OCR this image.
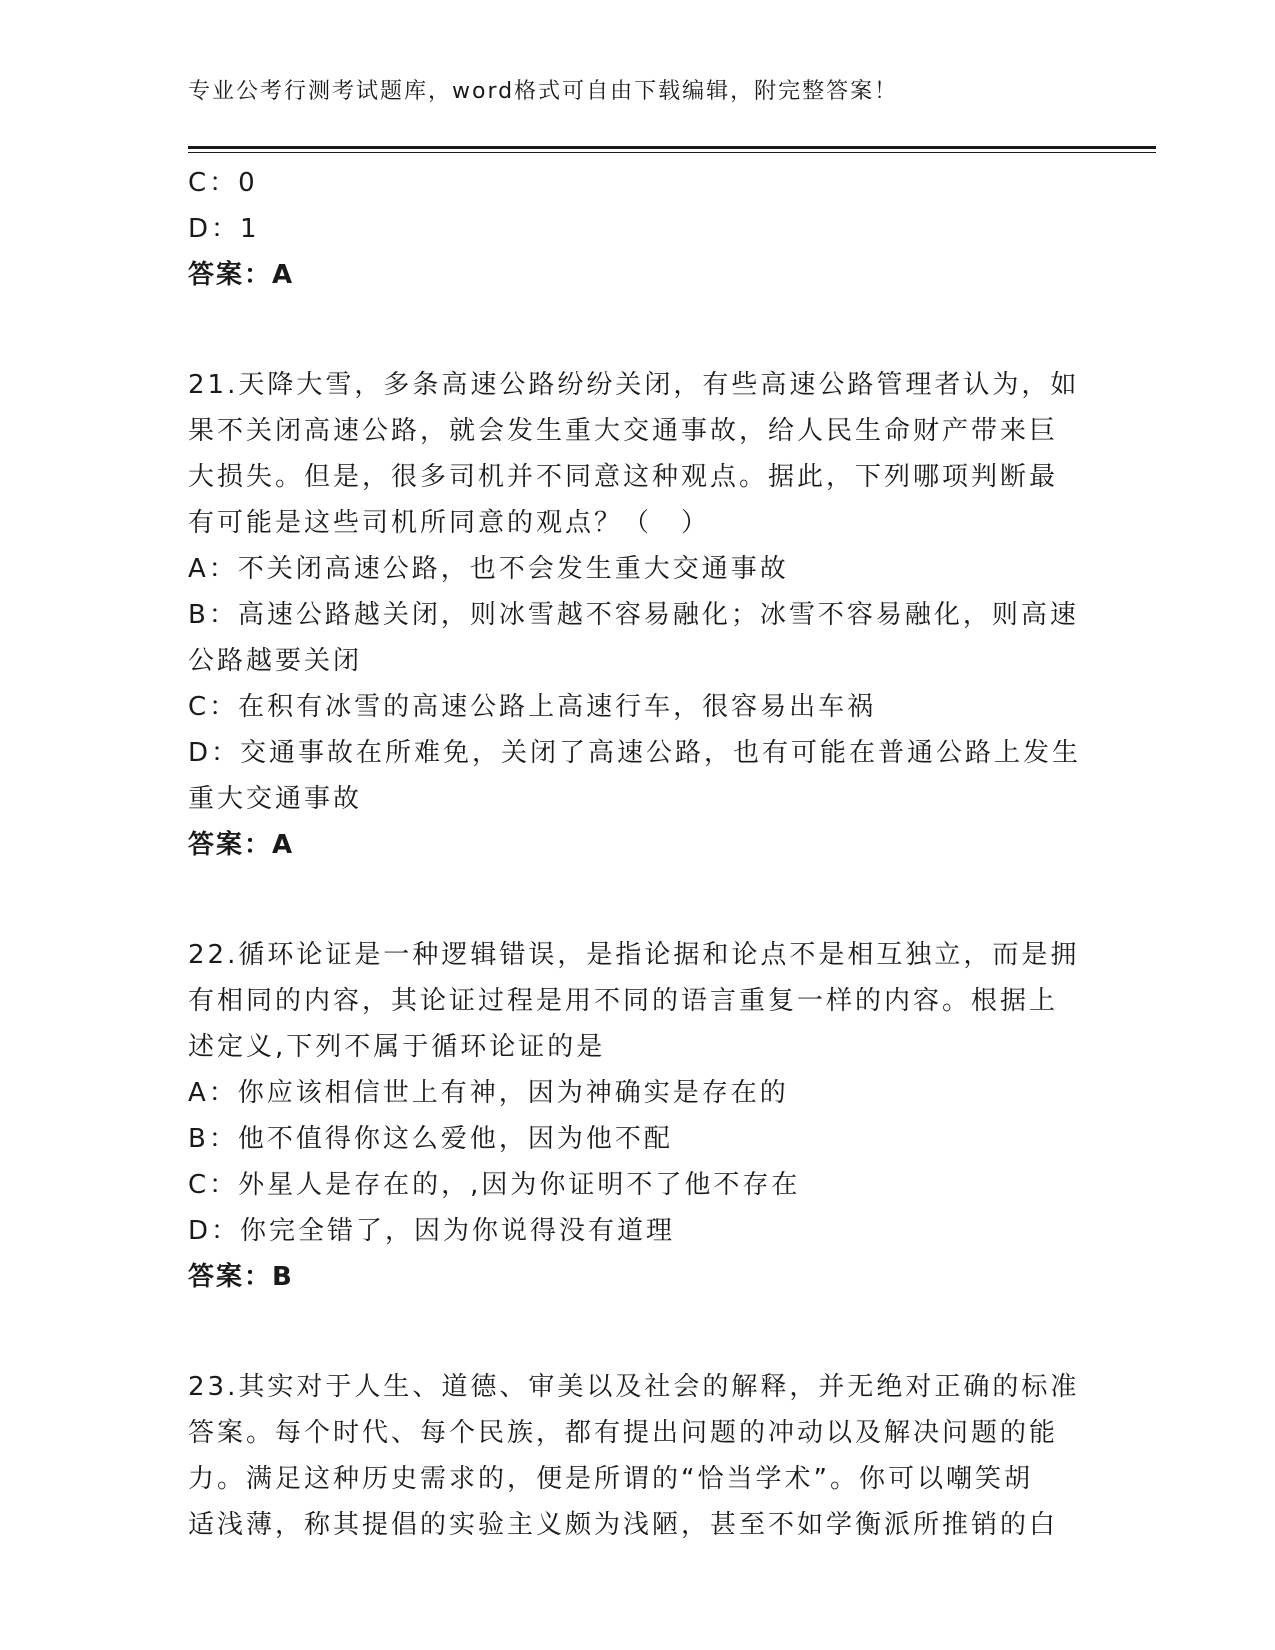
专业公考行测考试题库，word格式可自由下载编辑，附完整答案！
C：0
D：1
答案：A
21.天降大雪，多条高速公路纷纷关闭，有些高速公路管理者认为，如
果不关闭高速公路，就会发生重大交通事故，给人民生命财产带来巨
大损失。但是，很多司机并不同意这种观点。据此，下列哪项判断最
有可能是这些司机所同意的观点？（　）
A：不关闭高速公路，也不会发生重大交通事故
B：高速公路越关闭，则冰雪越不容易融化；冰雪不容易融化，则高速
公路越要关闭
C：在积有冰雪的高速公路上高速行车，很容易出车祸
D：交通事故在所难免，关闭了高速公路，也有可能在普通公路上发生
重大交通事故
答案：A
22.循环论证是一种逻辑错误，是指论据和论点不是相互独立，而是拥
有相同的内容，其论证过程是用不同的语言重复一样的内容。根据上
述定义,下列不属于循环论证的是
A：你应该相信世上有神，因为神确实是存在的
B：他不值得你这么爱他，因为他不配
C：外星人是存在的，,因为你证明不了他不存在
D：你完全错了，因为你说得没有道理
答案：B
23.其实对于人生、道德、审美以及社会的解释，并无绝对正确的标准
答案。每个时代、每个民族，都有提出问题的冲动以及解决问题的能
力。满足这种历史需求的，便是所谓的“恰当学术”。你可以嘲笑胡
适浅薄，称其提倡的实验主义颇为浅陋，甚至不如学衡派所推销的白
